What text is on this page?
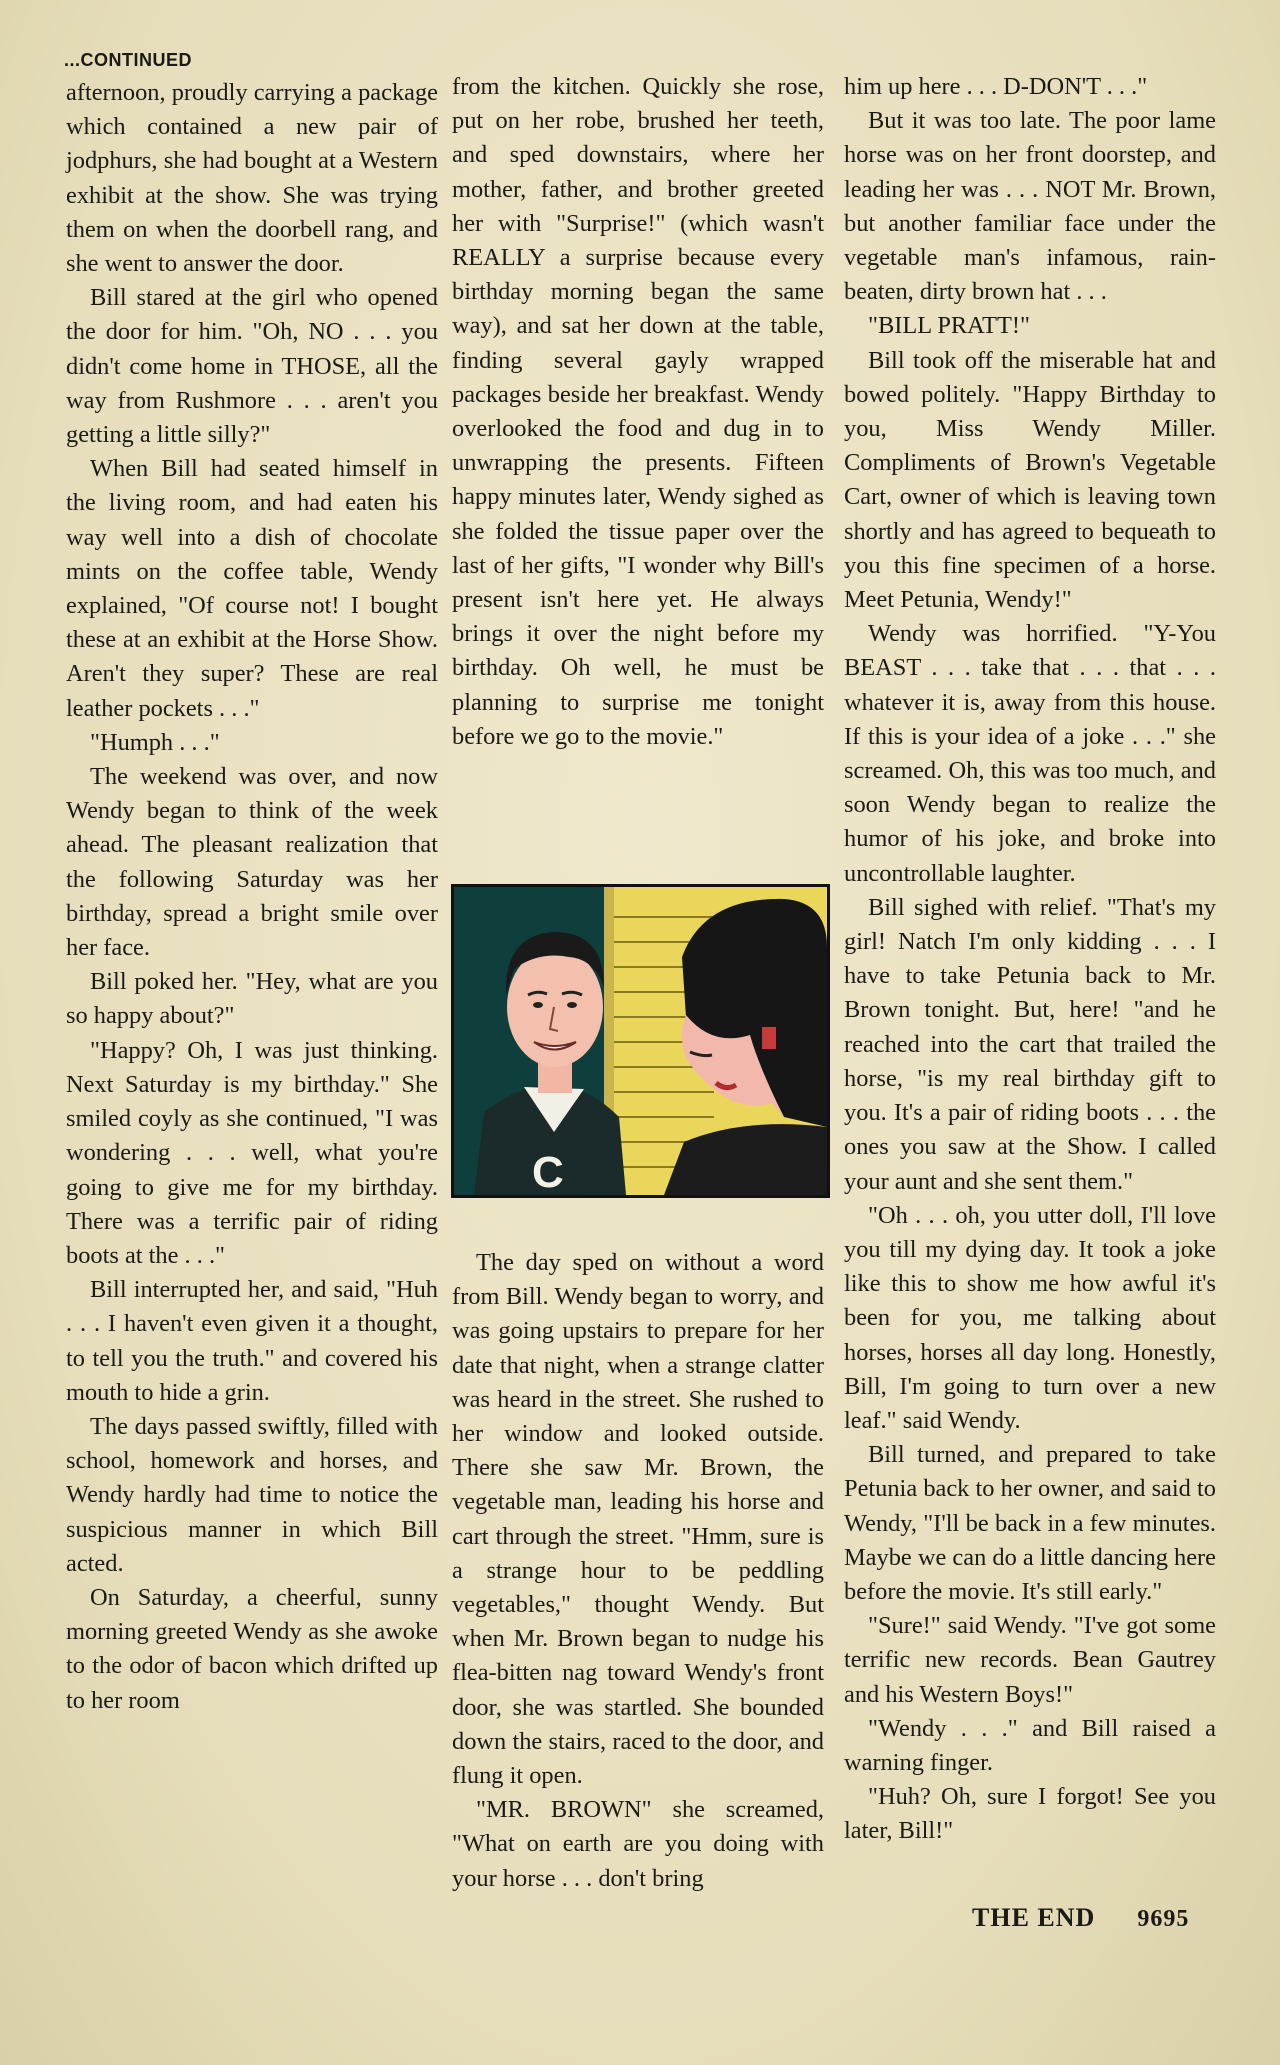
...CONTINUED

afternoon, proudly carrying a package which contained a new pair of jodphurs, she had bought at a Western exhibit at the show. She was trying them on when the doorbell rang, and she went to answer the door.

Bill stared at the girl who opened the door for him. "Oh, NO . . . you didn't come home in THOSE, all the way from Rushmore . . . aren't you getting a little silly?"

When Bill had seated himself in the living room, and had eaten his way well into a dish of chocolate mints on the coffee table, Wendy explained, "Of course not! I bought these at an exhibit at the Horse Show. Aren't they super? These are real leather pockets . . ."

"Humph . . ."

The weekend was over, and now Wendy began to think of the week ahead. The pleasant realization that the following Saturday was her birthday, spread a bright smile over her face.

Bill poked her. "Hey, what are you so happy about?"

"Happy? Oh, I was just thinking. Next Saturday is my birthday." She smiled coyly as she continued, "I was wondering . . . well, what you're going to give me for my birthday. There was a terrific pair of riding boots at the . . ."

Bill interrupted her, and said, "Huh . . . I haven't even given it a thought, to tell you the truth." and covered his mouth to hide a grin.

The days passed swiftly, filled with school, homework and horses, and Wendy hardly had time to notice the suspicious manner in which Bill acted.

On Saturday, a cheerful, sunny morning greeted Wendy as she awoke to the odor of bacon which drifted up to her room

from the kitchen. Quickly she rose, put on her robe, brushed her teeth, and sped downstairs, where her mother, father, and brother greeted her with "Surprise!" (which wasn't REALLY a surprise because every birthday morning began the same way), and sat her down at the table, finding several gayly wrapped packages beside her breakfast. Wendy overlooked the food and dug in to unwrapping the presents. Fifteen happy minutes later, Wendy sighed as she folded the tissue paper over the last of her gifts, "I wonder why Bill's present isn't here yet. He always brings it over the night before my birthday. Oh well, he must be planning to surprise me tonight before we go to the movie."

The day sped on without a word from Bill. Wendy began to worry, and was going upstairs to prepare for her date that night, when a strange clatter was heard in the street. She rushed to her window and looked outside. There she saw Mr. Brown, the vegetable man, leading his horse and cart through the street. "Hmm, sure is a strange hour to be peddling vegetables," thought Wendy. But when Mr. Brown began to nudge his flea-bitten nag toward Wendy's front door, she was startled. She bounded down the stairs, raced to the door, and flung it open.

"MR. BROWN" she screamed, "What on earth are you doing with your horse . . . don't bring

C

him up here . . . D-DON'T . . ."

But it was too late. The poor lame horse was on her front doorstep, and leading her was . . . NOT Mr. Brown, but another familiar face under the vegetable man's infamous, rain-beaten, dirty brown hat . . .

"BILL PRATT!"

Bill took off the miserable hat and bowed politely. "Happy Birthday to you, Miss Wendy Miller. Compliments of Brown's Vegetable Cart, owner of which is leaving town shortly and has agreed to bequeath to you this fine specimen of a horse. Meet Petunia, Wendy!"

Wendy was horrified. "Y-You BEAST . . . take that . . . that . . . whatever it is, away from this house. If this is your idea of a joke . . ." she screamed. Oh, this was too much, and soon Wendy began to realize the humor of his joke, and broke into uncontrollable laughter.

Bill sighed with relief. "That's my girl! Natch I'm only kidding . . . I have to take Petunia back to Mr. Brown tonight. But, here! "and he reached into the cart that trailed the horse, "is my real birthday gift to you. It's a pair of riding boots . . . the ones you saw at the Show. I called your aunt and she sent them."

"Oh . . . oh, you utter doll, I'll love you till my dying day. It took a joke like this to show me how awful it's been for you, me talking about horses, horses all day long. Honestly, Bill, I'm going to turn over a new leaf." said Wendy.

Bill turned, and prepared to take Petunia back to her owner, and said to Wendy, "I'll be back in a few minutes. Maybe we can do a little dancing here before the movie. It's still early."

"Sure!" said Wendy. "I've got some terrific new records. Bean Gautrey and his Western Boys!"

"Wendy . . ." and Bill raised a warning finger.

"Huh? Oh, sure I forgot! See you later, Bill!"

THE END 9695
